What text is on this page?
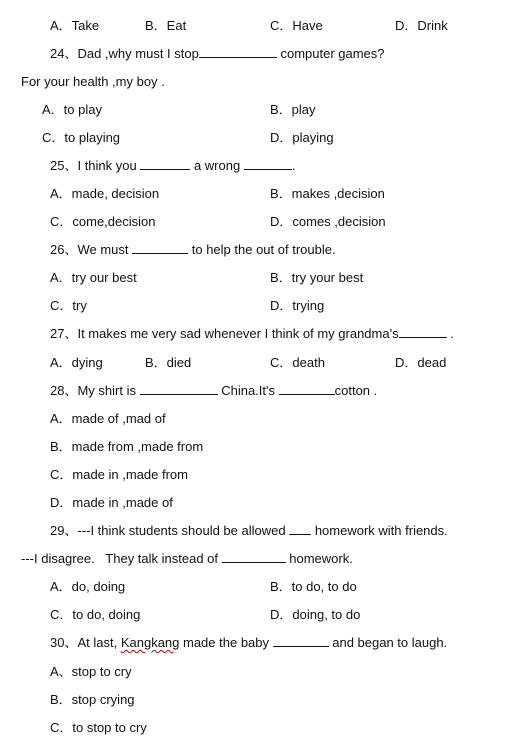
A．Take	B．Eat	C．Have	D．Drink
24、Dad ,why must I stop	computer games?
For your health ,my boy .
A．to play	B．play
C．to playing	D．playing
25、I think you	a wrong	.
A．made, decision	B．makes ,decision
C．come,decision	D．comes ,decision
26、We must	to help the out of trouble.
A．try our best	B．try your best
C．try	D．trying
27、It makes me very sad whenever I think of my grandma's	.
A．dying	B．died	C．death	D．dead
28、My shirt is	China.It's	cotton .
A．made of ,mad of
B．made from ,made from
C．made in ,made from
D．made in ,made of
29、---I think students should be allowed  homework with friends.
---I disagree.   They talk instead of	homework.
A．do, doing	B．to do, to do
C．to do, doing	D．doing, to do
30、At last, Kangkang made the baby	and began to laugh.
A、stop to cry
B．stop crying
C．to stop to cry
